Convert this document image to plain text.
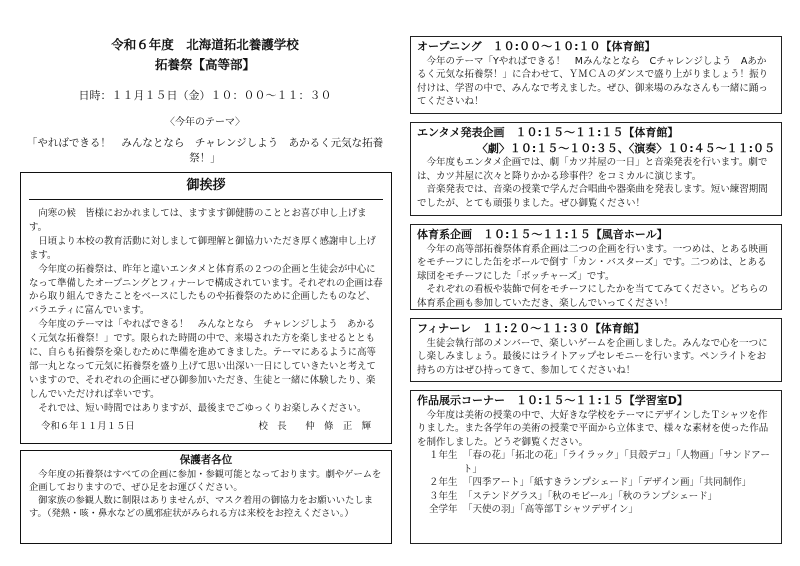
令和６年度　北海道拓北養護学校
拓養祭【高等部】
日時：１１月１５日（金）１０：００～１１：３０
〈今年のテーマ〉
「やればできる！　みんなとなら　チャレンジしよう　あかるく元気な拓養祭！」
御挨拶

向寒の候　皆様におかれましては、ますます御健勝のこととお喜び申し上げます。

日頃より本校の教育活動に対しまして御理解と御協力いただき厚く感謝申し上げます。

今年度の拓養祭は、昨年と違いエンタメと体育系の２つの企画と生徒会が中心になって準備したオープニングとフィナーレで構成されています。それぞれの企画は春から取り組んできたことをベースにしたものや拓養祭のために企画したものなど、バラエティに富んでいます。

今年度のテーマは「やればできる！　みんなとなら　チャレンジしよう　あかるく元気な拓養祭！」です。限られた時間の中で、来場された方を楽しませるとともに、自らも拓養祭を楽しむために準備を進めてきました。テーマにあるように高等部一丸となって元気に拓養祭を盛り上げて思い出深い一日にしていきたいと考えていますので、それぞれの企画にぜひ御参加いただき、生徒と一緒に体験したり、楽しんでいただければ幸いです。

それでは、短い時間ではありますが、最後までごゆっくりお楽しみください。

令和６年１１月１５日	校　長　　仲　條　正　輝
保護者各位

今年度の拓養祭はすべての企画に参加・参観可能となっております。劇やゲームを企画しておりますので、ぜひ足をお運びください。

御家族の参観人数に制限はありませんが、マスク着用の御協力をお願いいたします。（発熱・咳・鼻水などの風邪症状がみられる方は来校をお控えください。）

オープニング　１０:００～１０:１０【体育館】

今年のテーマ「Yやればできる！　Mみんなとなら　Cチャレンジしよう　Aあかるく元気な拓養祭！」に合わせて、ＹＭＣＡのダンスで盛り上がりましょう！振り付けは、学習の中で、みんなで考えました。ぜひ、御来場のみなさんも一緒に踊ってくださいね！

エンタメ発表企画　１０:１５～１１:１５【体育館】
〈劇〉１０:１５～１０:３５、〈演奏〉１０:４５～１１:０５

今年度もエンタメ企画では、劇「カツ丼屋の一日」と音楽発表を行います。劇では、カツ丼屋に次々と降りかかる珍事件？をコミカルに演じます。

音楽発表では、音楽の授業で学んだ合唱曲や器楽曲を発表します。短い練習期間でしたが、とても頑張りました。ぜひ御覧ください！

体育系企画　１０:１５～１１:１５【風音ホール】

今年の高等部拓養祭体育系企画は二つの企画を行います。一つめは、とある映画をモチーフにした缶をボールで倒す「カン・バスターズ」です。二つめは、とある球団をモチーフにした「ボッチャーズ」です。

それぞれの看板や装飾で何をモチーフにしたかを当ててみてください。どちらの体育系企画も参加していただき、楽しんでいってください！

フィナーレ　１１:２０～１１:３０【体育館】

生徒会執行部のメンバーで、楽しいゲームを企画しました。みんなで心を一つにし楽しみましょう。最後にはライトアップセレモニーを行います。ペンライトをお持ちの方はぜひ持ってきて、参加してくださいね！

作品展示コーナー　１０:１５～１１:１５【学習室D】

今年度は美術の授業の中で、大好きな学校をテーマにデザインしたＴシャツを作りました。また各学年の美術の授業で平面から立体まで、様々な素材を使った作品を制作しました。どうぞ御覧ください。

１年生 「春の花」「拓北の花」「ライラック」「貝殻デコ」「人物画」「サンドアート」
２年生 「四季アート」「紙すきランプシェード」「デザイン画」「共同制作」
３年生 「ステンドグラス」「秋のモビール」「秋のランプシェード」
全学年 「天使の羽」「高等部Ｔシャツデザイン」
